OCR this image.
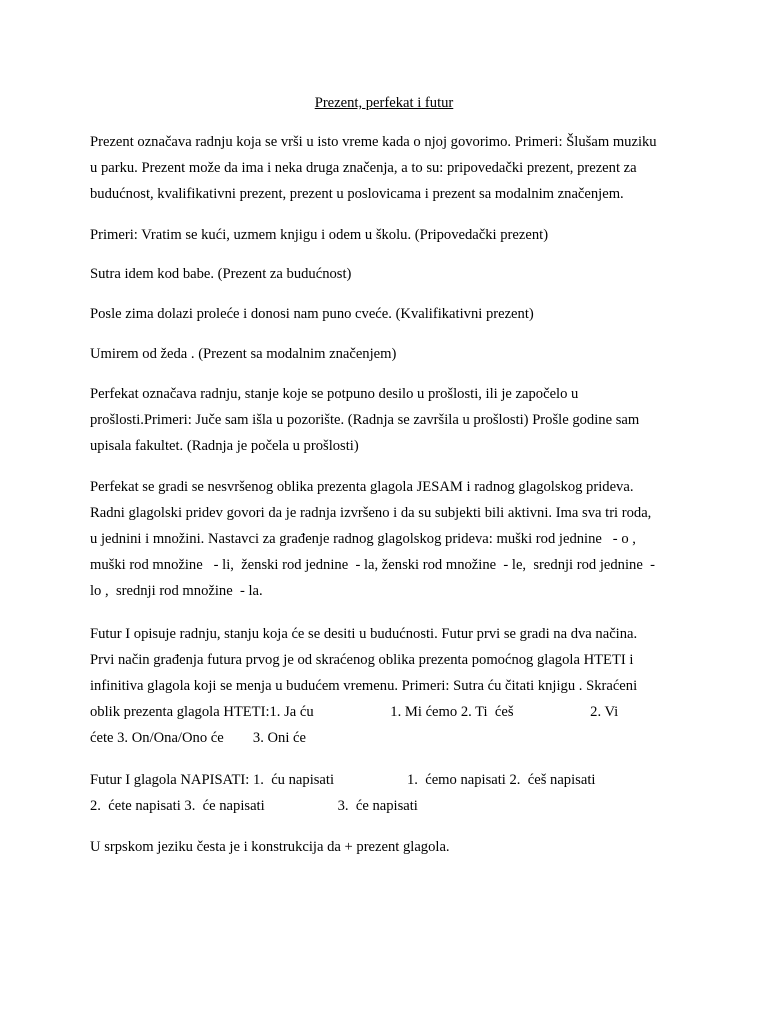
Prezent, perfekat i futur
Prezent označava radnju koja se vrši u isto vreme kada o njoj govorimo. Primeri: Šlušam muziku
u parku. Prezent može da ima i neka druga značenja, a to su: pripovedački prezent, prezent za
budućnost, kvalifikativni prezent, prezent u poslovicama i prezent sa modalnim značenjem.
Primeri: Vratim se kući, uzmem knjigu i odem u školu. (Pripovedački prezent)
Sutra idem kod babe. (Prezent za budućnost)
Posle zima dolazi proleće i donosi nam puno cveće. (Kvalifikativni prezent)
Umirem od žeda . (Prezent sa modalnim značenjem)
Perfekat označava radnju, stanje koje se potpuno desilo u prošlosti, ili je započelo u
prošlosti.Primeri: Juče sam išla u pozorište. (Radnja se završila u prošlosti) Prošle godine sam
upisala fakultet. (Radnja je počela u prošlosti)
Perfekat se gradi se nesvršenog oblika prezenta glagola JESAM i radnog glagolskog prideva.
Radni glagolski pridev govori da je radnja izvršeno i da su subjekti bili aktivni. Ima sva tri roda,
u jednini i množini. Nastavci za građenje radnog glagolskog prideva: muški rod jednine   - o ,
muški rod množine   - li,  ženski rod jednine  - la, ženski rod množine  - le,  srednji rod jednine  -
lo ,  srednji rod množine  - la.
Futur I opisuje radnju, stanju koja će se desiti u budućnosti. Futur prvi se gradi na dva načina.
Prvi način građenja futura prvog je od skraćenog oblika prezenta pomoćnog glagola HTETI i
infinitiva glagola koji se menja u budućem vremenu. Primeri: Sutra ću čitati knjigu . Skraćeni
oblik prezenta glagola HTETI:1. Ja ću                     1. Mi ćemo 2. Ti  ćeš                     2. Vi
ćete 3. On/Ona/Ono će        3. Oni će
Futur I glagola NAPISATI: 1.  ću napisati                    1.  ćemo napisati 2.  ćeš napisati
2.  ćete napisati 3.  će napisati                    3.  će napisati
U srpskom jeziku česta je i konstrukcija da + prezent glagola.
